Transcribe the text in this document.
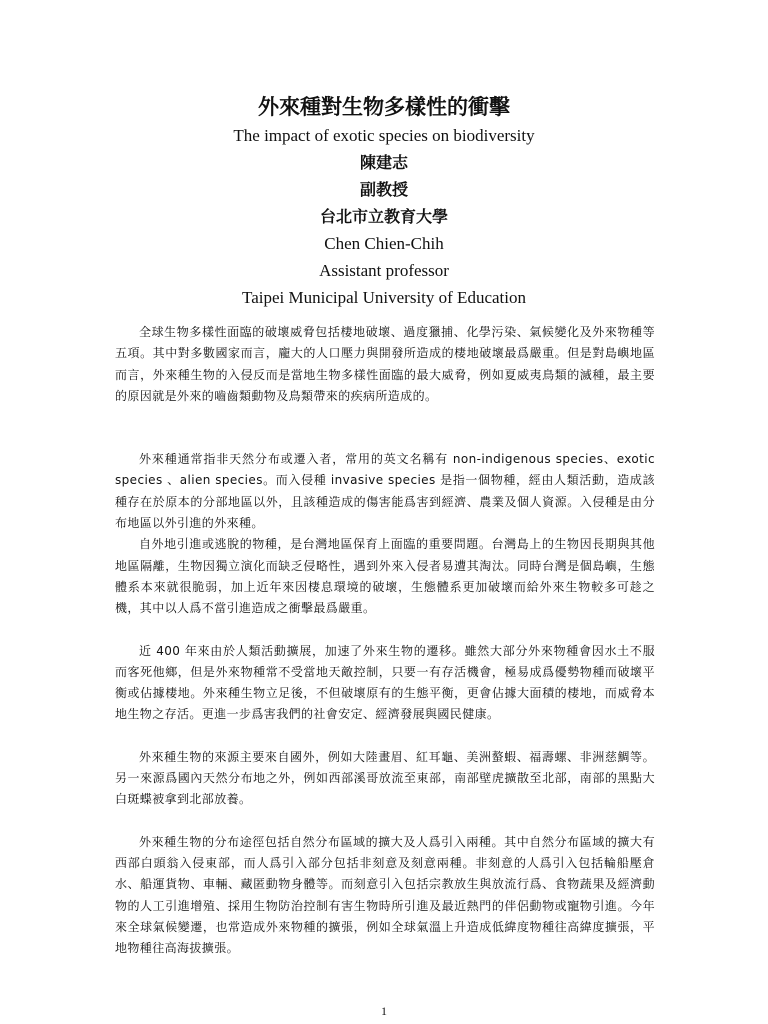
外來種對生物多樣性的衝擊
The impact of exotic species on biodiversity
陳建志
副教授
台北市立教育大學
Chen Chien-Chih
Assistant professor
Taipei Municipal University of Education

全球生物多樣性面臨的破壞威脅包括棲地破壞、過度獵捕、化學污染、氣候變化及外來物種等五項。其中對多數國家而言，龐大的人口壓力與開發所造成的棲地破壞最爲嚴重。但是對島嶼地區而言，外來種生物的入侵反而是當地生物多樣性面臨的最大威脅，例如夏威夷鳥類的滅種，最主要的原因就是外來的嚙齒類動物及鳥類帶來的疾病所造成的。

外來種通常指非天然分布或遷入者，常用的英文名稱有 non-indigenous species、exotic species 、alien species。而入侵種 invasive species 是指一個物種，經由人類活動，造成該種存在於原本的分部地區以外，且該種造成的傷害能爲害到經濟、農業及個人資源。入侵種是由分布地區以外引進的外來種。

自外地引進或逃脫的物種，是台灣地區保育上面臨的重要問題。台灣島上的生物因長期與其他地區隔離，生物因獨立演化而缺乏侵略性，遇到外來入侵者易遭其淘汰。同時台灣是個島嶼，生態體系本來就很脆弱，加上近年來因棲息環境的破壞，生態體系更加破壞而給外來生物較多可趁之機，其中以人爲不當引進造成之衝擊最爲嚴重。

近 400 年來由於人類活動擴展，加速了外來生物的遷移。雖然大部分外來物種會因水土不服而客死他鄉，但是外來物種常不受當地天敵控制，只要一有存活機會，極易成爲優勢物種而破壞平衡或佔據棲地。外來種生物立足後，不但破壞原有的生態平衡，更會佔據大面積的棲地，而威脅本地生物之存活。更進一步爲害我們的社會安定、經濟發展與國民健康。

外來種生物的來源主要來自國外，例如大陸畫眉、紅耳龜、美洲螯蝦、福壽螺、非洲慈鯛等。另一來源爲國內天然分布地之外，例如西部溪哥放流至東部，南部壁虎擴散至北部，南部的黑點大白斑蝶被拿到北部放養。

外來種生物的分布途徑包括自然分布區域的擴大及人爲引入兩種。其中自然分布區域的擴大有西部白頭翁入侵東部，而人爲引入部分包括非刻意及刻意兩種。非刻意的人爲引入包括輪船壓倉水、船運貨物、車輛、藏匿動物身體等。而刻意引入包括宗教放生與放流行爲、食物蔬果及經濟動物的人工引進增殖、採用生物防治控制有害生物時所引進及最近熱門的伴侶動物或寵物引進。今年來全球氣候變遷，也常造成外來物種的擴張，例如全球氣溫上升造成低緯度物種往高緯度擴張，平地物種往高海拔擴張。

1
